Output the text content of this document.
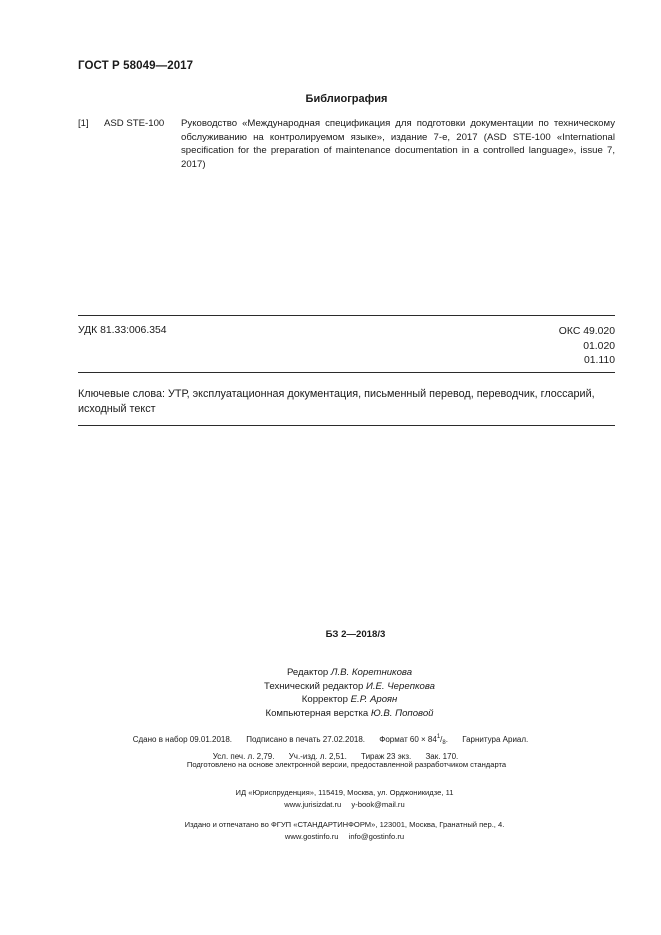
ГОСТ Р 58049—2017
Библиография
[1] ASD STE-100 Руководство «Международная спецификация для подготовки документации по техническому обслуживанию на контролируемом языке», издание 7-е, 2017 (ASD STE-100 «International specification for the preparation of maintenance documentation in a controlled language», issue 7, 2017)
УДК 81.33:006.354	ОКС 49.020
01.020
01.110
Ключевые слова: УТР, эксплуатационная документация, письменный перевод, переводчик, глоссарий, исходный текст
БЗ 2—2018/3
Редактор Л.В. Коретникова
Технический редактор И.Е. Черепкова
Корректор Е.Р. Ароян
Компьютерная верстка Ю.В. Поповой
Сдано в набор 09.01.2018. Подписано в печать 27.02.2018. Формат $60 \times 84^1/_8$. Гарнитура Ариал.
Усл. печ. л. 2,79. Уч.-изд. л. 2,51. Тираж 23 экз. Зак. 170.
Подготовлено на основе электронной версии, предоставленной разработчиком стандарта
ИД «Юриспруденция», 115419, Москва, ул. Орджоникидзе, 11
www.jurisizdat.ru y-book@mail.ru
Издано и отпечатано во ФГУП «СТАНДАРТИНФОРМ», 123001, Москва, Гранатный пер., 4.
www.gostinfo.ru info@gostinfo.ru
